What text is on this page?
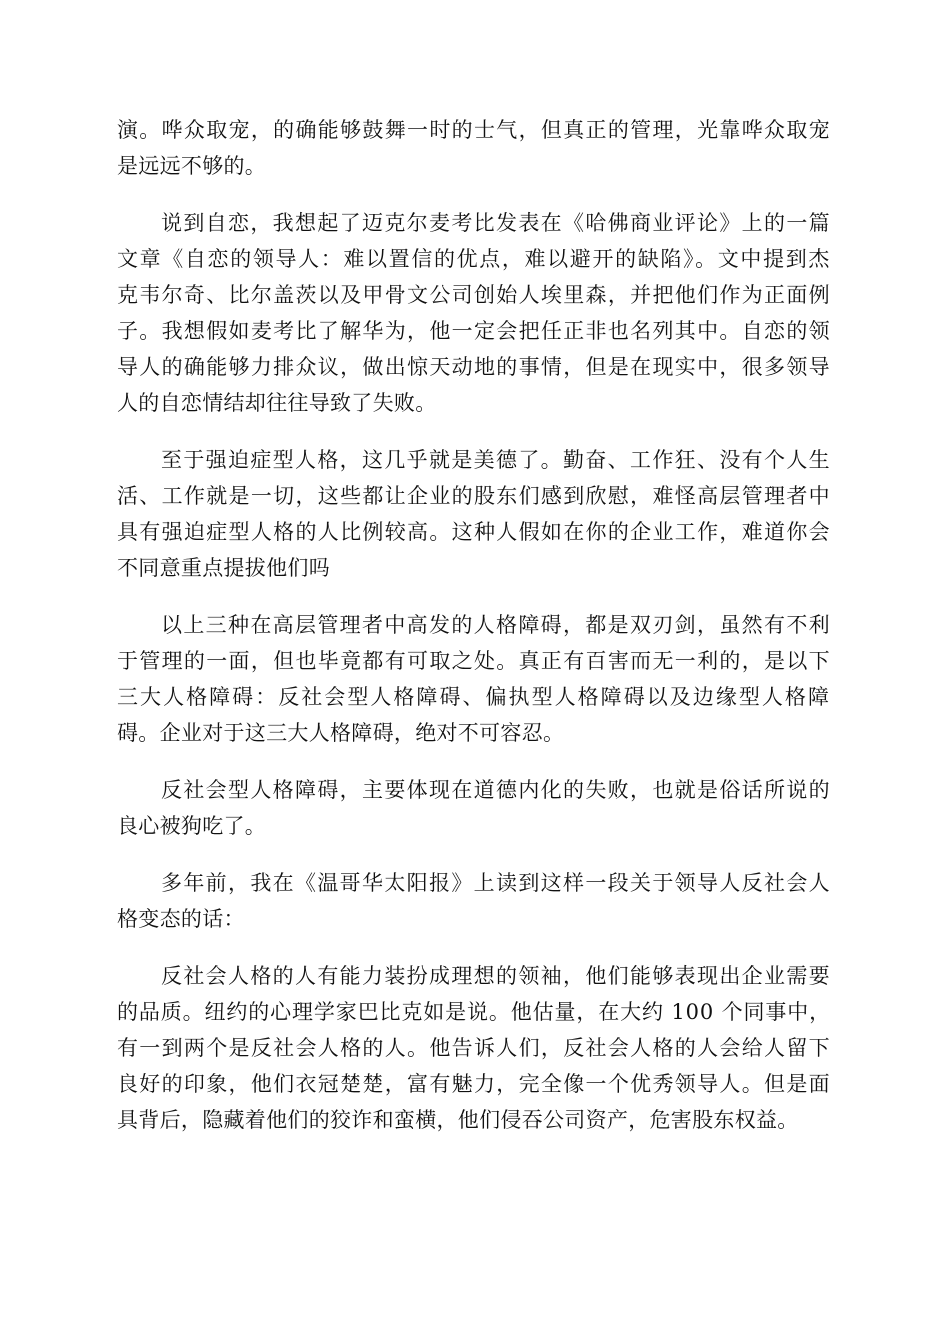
演。哗众取宠，的确能够鼓舞一时的士气，但真正的管理，光靠哗众取宠
是远远不够的。
说到自恋，我想起了迈克尔麦考比发表在《哈佛商业评论》上的一篇
文章《自恋的领导人：难以置信的优点，难以避开的缺陷》。文中提到杰
克韦尔奇、比尔盖茨以及甲骨文公司创始人埃里森，并把他们作为正面例
子。我想假如麦考比了解华为，他一定会把任正非也名列其中。自恋的领
导人的确能够力排众议，做出惊天动地的事情，但是在现实中，很多领导
人的自恋情结却往往导致了失败。
至于强迫症型人格，这几乎就是美德了。勤奋、工作狂、没有个人生
活、工作就是一切，这些都让企业的股东们感到欣慰，难怪高层管理者中
具有强迫症型人格的人比例较高。这种人假如在你的企业工作，难道你会
不同意重点提拔他们吗
以上三种在高层管理者中高发的人格障碍，都是双刃剑，虽然有不利
于管理的一面，但也毕竟都有可取之处。真正有百害而无一利的，是以下
三大人格障碍：反社会型人格障碍、偏执型人格障碍以及边缘型人格障
碍。企业对于这三大人格障碍，绝对不可容忍。
反社会型人格障碍，主要体现在道德内化的失败，也就是俗话所说的
良心被狗吃了。
多年前，我在《温哥华太阳报》上读到这样一段关于领导人反社会人
格变态的话：
反社会人格的人有能力装扮成理想的领袖，他们能够表现出企业需要
的品质。纽约的心理学家巴比克如是说。他估量，在大约 100 个同事中，
有一到两个是反社会人格的人。他告诉人们，反社会人格的人会给人留下
良好的印象，他们衣冠楚楚，富有魅力，完全像一个优秀领导人。但是面
具背后，隐藏着他们的狡诈和蛮横，他们侵吞公司资产，危害股东权益。
